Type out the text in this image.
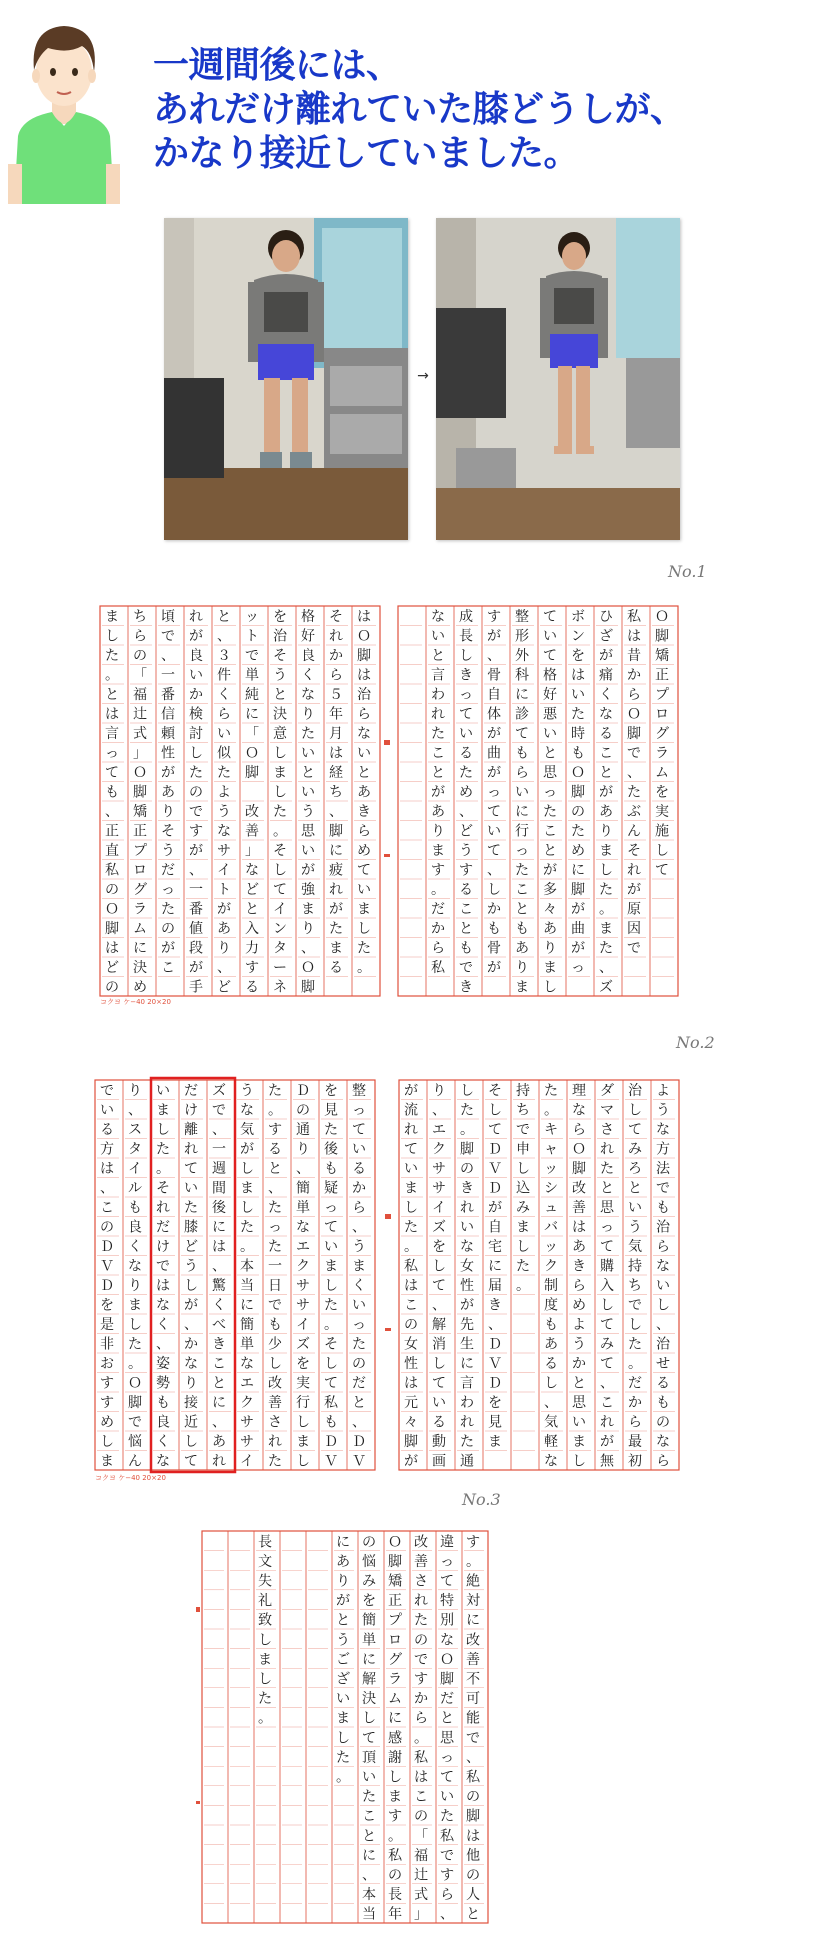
一週間後には、
あれだけ離れていた膝どうしが、
かなり接近していました。
→
No.1
No.2
No.3
は
Ｏ
脚
は
治
ら
な
い
と
あ
き
ら
め
て
い
ま
し
た
。
そ
れ
か
ら
５
年
月
は
経
ち
、
脚
に
疲
れ
が
た
ま
る
格
好
良
く
な
り
た
い
と
い
う
思
い
が
強
ま
り
、
Ｏ
脚
を
治
そ
う
と
決
意
し
ま
し
た
。
そ
し
て
イ
ン
タ
ー
ネ
ッ
ト
で
単
純
に
「
Ｏ
脚
改
善
」
な
ど
と
入
力
す
る
と
、
３
件
く
ら
い
似
た
よ
う
な
サ
イ
ト
が
あ
り
、
ど
れ
が
良
い
か
検
討
し
た
の
で
す
が
、
一
番
値
段
が
手
頃
で
、
一
番
信
頼
性
が
あ
り
そ
う
だ
っ
た
の
が
こ
ち
ら
の
「
福
辻
式
」
Ｏ
脚
矯
正
プ
ロ
グ
ラ
ム
に
決
め
ま
し
た
。
と
は
言
っ
て
も
、
正
直
私
の
Ｏ
脚
は
ど
の
Ｏ
脚
矯
正
プ
ロ
グ
ラ
ム
を
実
施
し
て
私
は
昔
か
ら
Ｏ
脚
で
、
た
ぶ
ん
そ
れ
が
原
因
で
ひ
ざ
が
痛
く
な
る
こ
と
が
あ
り
ま
し
た
。
ま
た
、
ズ
ボ
ン
を
は
い
た
時
も
Ｏ
脚
の
た
め
に
脚
が
曲
が
っ
て
い
て
格
好
悪
い
と
思
っ
た
こ
と
が
多
々
あ
り
ま
し
整
形
外
科
に
診
て
も
ら
い
に
行
っ
た
こ
と
も
あ
り
ま
す
が
、
骨
自
体
が
曲
が
っ
て
い
て
、
し
か
も
骨
が
成
長
し
き
っ
て
い
る
た
め
、
ど
う
す
る
こ
と
も
で
き
な
い
と
言
わ
れ
た
こ
と
が
あ
り
ま
す
。
だ
か
ら
私
コクヨ ケ−40 20×20
整
っ
て
い
る
か
ら
、
う
ま
く
い
っ
た
の
だ
と
、
Ｄ
Ｖ
を
見
た
後
も
疑
っ
て
い
ま
し
た
。
そ
し
て
私
も
Ｄ
Ｖ
Ｄ
の
通
り
、
簡
単
な
エ
ク
サ
サ
イ
ズ
を
実
行
し
ま
し
た
。
す
る
と
、
た
っ
た
一
日
で
も
少
し
改
善
さ
れ
た
う
な
気
が
し
ま
し
た
。
本
当
に
簡
単
な
エ
ク
サ
サ
イ
ズ
で
、
一
週
間
後
に
は
、
驚
く
べ
き
こ
と
に
、
あ
れ
だ
け
離
れ
て
い
た
膝
ど
う
し
が
、
か
な
り
接
近
し
て
い
ま
し
た
。
そ
れ
だ
け
で
は
な
く
、
姿
勢
も
良
く
な
り
、
ス
タ
イ
ル
も
良
く
な
り
ま
し
た
。
Ｏ
脚
で
悩
ん
で
い
る
方
は
、
こ
の
Ｄ
Ｖ
Ｄ
を
是
非
お
す
す
め
し
ま
よ
う
な
方
法
で
も
治
ら
な
い
し
、
治
せ
る
も
の
な
ら
治
し
て
み
ろ
と
い
う
気
持
ち
で
し
た
。
だ
か
ら
最
初
ダ
マ
さ
れ
た
と
思
っ
て
購
入
し
て
み
て
、
こ
れ
が
無
理
な
ら
Ｏ
脚
改
善
は
あ
き
ら
め
よ
う
か
と
思
い
ま
し
た
。
キ
ャ
ッ
シ
ュ
バ
ッ
ク
制
度
も
あ
る
し
、
気
軽
な
持
ち
で
申
し
込
み
ま
し
た
。
そ
し
て
Ｄ
Ｖ
Ｄ
が
自
宅
に
届
き
、
Ｄ
Ｖ
Ｄ
を
見
ま
し
た
。
脚
の
き
れ
い
な
女
性
が
先
生
に
言
わ
れ
た
通
り
、
エ
ク
サ
サ
イ
ズ
を
し
て
、
解
消
し
て
い
る
動
画
が
流
れ
て
い
ま
し
た
。
私
は
こ
の
女
性
は
元
々
脚
が
コクヨ ケ−40 20×20
す
。
絶
対
に
改
善
不
可
能
で
、
私
の
脚
は
他
の
人
と
違
っ
て
特
別
な
Ｏ
脚
だ
と
思
っ
て
い
た
私
で
す
ら
、
改
善
さ
れ
た
の
で
す
か
ら
。
私
は
こ
の
「
福
辻
式
」
Ｏ
脚
矯
正
プ
ロ
グ
ラ
ム
に
感
謝
し
ま
す
。
私
の
長
年
の
悩
み
を
簡
単
に
解
決
し
て
頂
い
た
こ
と
に
、
本
当
に
あ
り
が
と
う
ご
ざ
い
ま
し
た
。
長
文
失
礼
致
し
ま
し
た
。
